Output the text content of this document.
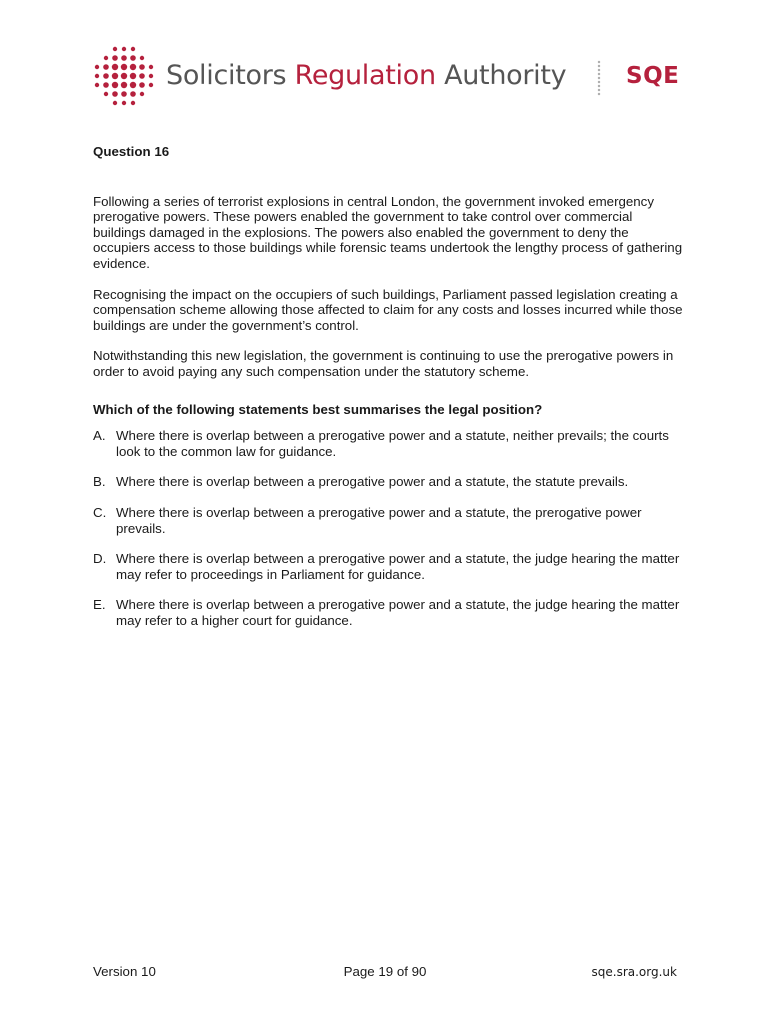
Solicitors Regulation Authority	SQE

Question 16

Following a series of terrorist explosions in central London, the government invoked emergency prerogative powers. These powers enabled the government to take control over commercial buildings damaged in the explosions. The powers also enabled the government to deny the occupiers access to those buildings while forensic teams undertook the lengthy process of gathering evidence.

Recognising the impact on the occupiers of such buildings, Parliament passed legislation creating a compensation scheme allowing those affected to claim for any costs and losses incurred while those buildings are under the government’s control.

Notwithstanding this new legislation, the government is continuing to use the prerogative powers in order to avoid paying any such compensation under the statutory scheme.

Which of the following statements best summarises the legal position?

A. Where there is overlap between a prerogative power and a statute, neither prevails; the courts look to the common law for guidance.
B. Where there is overlap between a prerogative power and a statute, the statute prevails.
C. Where there is overlap between a prerogative power and a statute, the prerogative power prevails.
D. Where there is overlap between a prerogative power and a statute, the judge hearing the matter may refer to proceedings in Parliament for guidance.
E. Where there is overlap between a prerogative power and a statute, the judge hearing the matter may refer to a higher court for guidance.
Version 10	Page 19 of 90	sqe.sra.org.uk
